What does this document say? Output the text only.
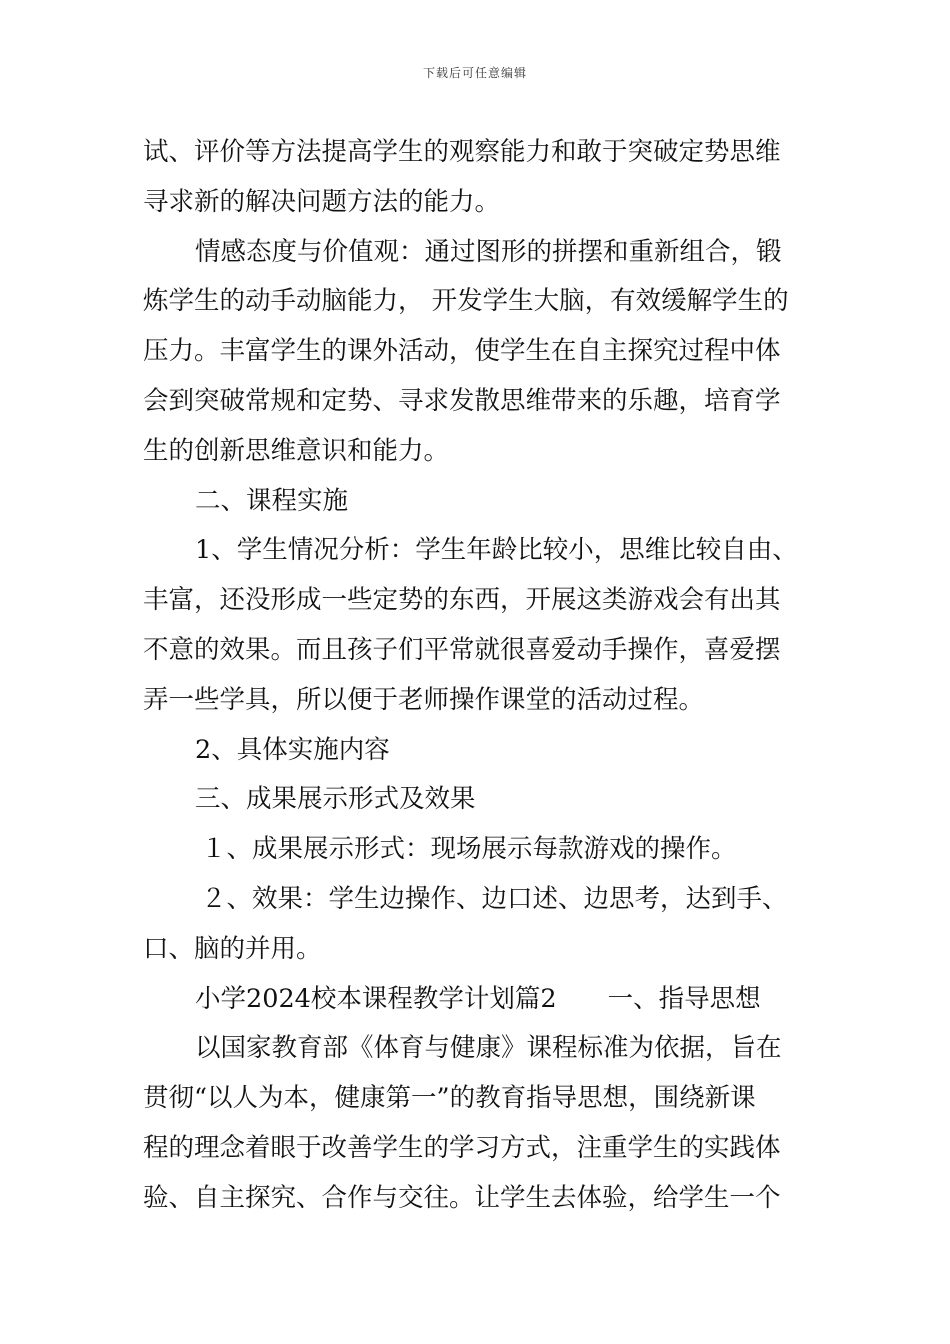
下载后可任意编辑
试、评价等方法提高学生的观察能力和敢于突破定势思维
寻求新的解决问题方法的能力。
情感态度与价值观：通过图形的拼摆和重新组合，锻
炼学生的动手动脑能力， 开发学生大脑，有效缓解学生的
压力。丰富学生的课外活动，使学生在自主探究过程中体
会到突破常规和定势、寻求发散思维带来的乐趣，培育学
生的创新思维意识和能力。
二、课程实施
1、学生情况分析：学生年龄比较小，思维比较自由、
丰富，还没形成一些定势的东西，开展这类游戏会有出其
不意的效果。而且孩子们平常就很喜爱动手操作，喜爱摆
弄一些学具，所以便于老师操作课堂的活动过程。
2、具体实施内容
三、成果展示形式及效果
１、成果展示形式：现场展示每款游戏的操作。
２、效果：学生边操作、边口述、边思考，达到手、
口、脑的并用。
小学2024校本课程教学计划篇2　　一、指导思想
以国家教育部《体育与健康》课程标准为依据，旨在
贯彻“以人为本，健康第一”的教育指导思想，围绕新课
程的理念着眼于改善学生的学习方式，注重学生的实践体
验、自主探究、合作与交往。让学生去体验，给学生一个
